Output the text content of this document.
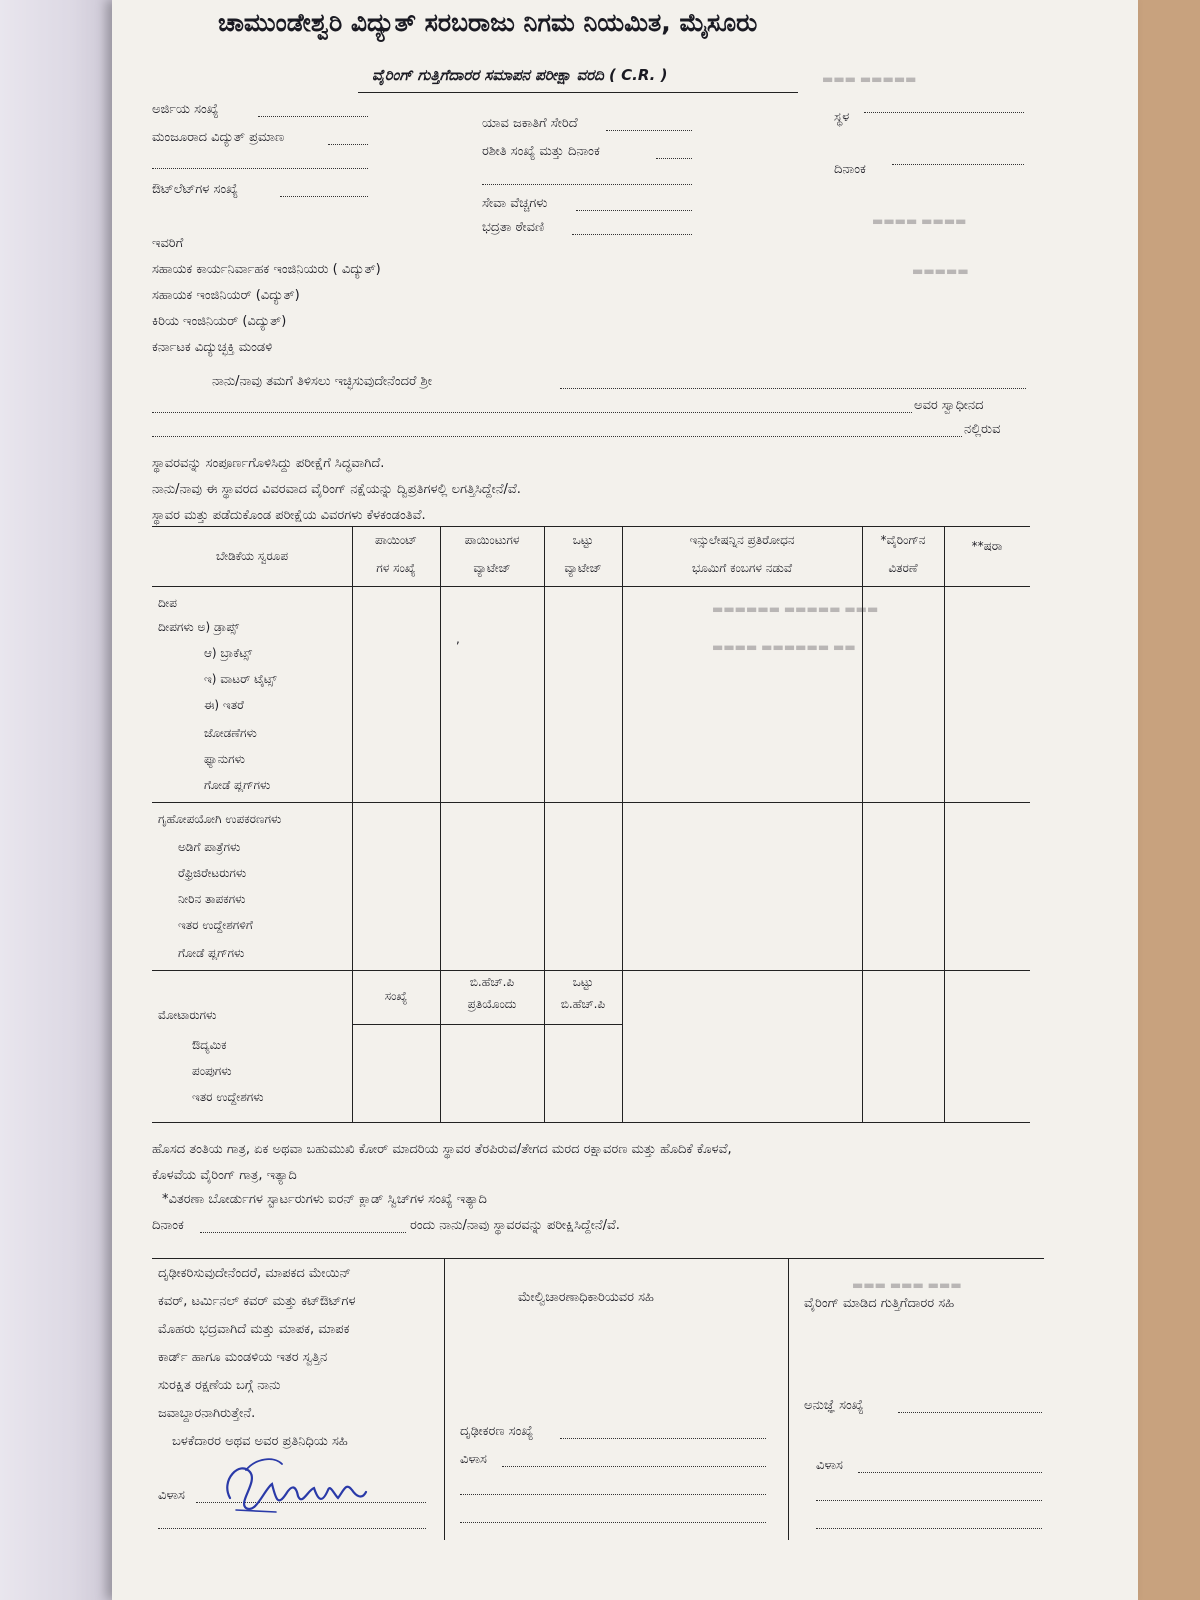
▬▬▬ ▬▬▬▬▬
▬▬▬▬ ▬▬▬▬
▬▬▬▬▬
▬▬▬▬▬▬ ▬▬▬▬▬ ▬▬▬
▬▬▬▬ ▬▬▬▬▬▬ ▬▬
▬▬▬ ▬▬▬ ▬▬▬
ಚಾಮುಂಡೇಶ್ವರಿ ವಿದ್ಯುತ್ ಸರಬರಾಜು ನಿಗಮ ನಿಯಮಿತ, ಮೈಸೂರು
ವೈರಿಂಗ್ ಗುತ್ತಿಗೆದಾರರ ಸಮಾಪನ ಪರೀಕ್ಷಾ ವರದಿ ( C.R. )
ಅರ್ಜಿಯ ಸಂಖ್ಯೆ
ಮಂಜೂರಾದ ವಿದ್ಯುತ್ ಪ್ರಮಾಣ
ಔಟ್‌ಲೆಟ್‌ಗಳ ಸಂಖ್ಯೆ
ಯಾವ ಜಕಾತಿಗೆ ಸೇರಿದೆ
ರಶೀತಿ ಸಂಖ್ಯೆ ಮತ್ತು ದಿನಾಂಕ
ಸೇವಾ ವೆಚ್ಚಗಳು
ಭದ್ರತಾ ಠೇವಣಿ
ಸ್ಥಳ
ದಿನಾಂಕ
ಇವರಿಗೆ
ಸಹಾಯಕ ಕಾರ್ಯನಿರ್ವಾಹಕ ಇಂಜಿನಿಯರು ( ವಿದ್ಯುತ್)
ಸಹಾಯಕ ಇಂಜಿನಿಯರ್ (ವಿದ್ಯುತ್)
ಕಿರಿಯ ಇಂಜಿನಿಯರ್ (ವಿದ್ಯುತ್)
ಕರ್ನಾಟಕ ವಿದ್ಯುಚ್ಛಕ್ತಿ ಮಂಡಳಿ
ನಾನು/ನಾವು ತಮಗೆ ತಿಳಿಸಲು ಇಚ್ಛಿಸುವುದೇನೆಂದರೆ ಶ್ರೀ
ಅವರ ಸ್ವಾಧೀನದ
ನಲ್ಲಿರುವ
ಸ್ಥಾವರವನ್ನು ಸಂಪೂರ್ಣಗೊಳಿಸಿದ್ದು ಪರೀಕ್ಷೆಗೆ ಸಿದ್ಧವಾಗಿದೆ.
ನಾನು/ನಾವು ಈ ಸ್ಥಾವರದ ವಿವರವಾದ ವೈರಿಂಗ್ ನಕ್ಷೆಯನ್ನು ದ್ವಿಪ್ರತಿಗಳಲ್ಲಿ ಲಗತ್ತಿಸಿದ್ದೇನೆ/ವೆ.
ಸ್ಥಾವರ ಮತ್ತು ಪಡೆದುಕೊಂಡ ಪರೀಕ್ಷೆಯ ವಿವರಗಳು ಕೆಳಕಂಡಂತಿವೆ.
ಬೇಡಿಕೆಯ ಸ್ವರೂಪ
ಪಾಯಿಂಟ್
ಗಳ ಸಂಖ್ಯೆ
ಪಾಯಿಂಟುಗಳ
ವ್ಯಾಟೇಜ್
ಒಟ್ಟು
ವ್ಯಾಟೇಜ್
ಇನ್ಸುಲೇಷನ್ನಿನ ಪ್ರತಿರೋಧನ
ಭೂಮಿಗೆ ಕಂಬಗಳ ನಡುವೆ
*ವೈರಿಂಗ್‌ನ
ವಿತರಣೆ
**ಷರಾ
ದೀಪ
ದೀಪಗಳು ಅ) ಡ್ರಾಪ್ಸ್
ಆ) ಬ್ರಾಕೆಟ್ಸ್
ಇ) ವಾಟರ್ ಟೈಟ್ಸ್
ಈ) ಇತರೆ
ಜೋಡಣೆಗಳು
ಫ್ಯಾನುಗಳು
ಗೋಡೆ ಪ್ಲಗ್‌ಗಳು
,
ಗೃಹೋಪಯೋಗಿ ಉಪಕರಣಗಳು
ಅಡಿಗೆ ಪಾತ್ರೆಗಳು
ರೆಫ್ರಿಜಿರೇಟರುಗಳು
ನೀರಿನ ತಾಪಕಗಳು
ಇತರ ಉದ್ದೇಶಗಳಿಗೆ
ಗೋಡೆ ಪ್ಲಗ್‌ಗಳು
ಸಂಖ್ಯೆ
ಬಿ.ಹೆಚ್.ಪಿ
ಪ್ರತಿಯೊಂದು
ಒಟ್ಟು
ಬಿ.ಹೆಚ್.ಪಿ
ಮೋಟಾರುಗಳು
ಔದ್ಯಮಿಕ
ಪಂಪುಗಳು
ಇತರ ಉದ್ದೇಶಗಳು
ಹೊಸದ ತಂತಿಯ ಗಾತ್ರ, ಏಕ ಅಥವಾ ಬಹುಮುಖಿ ಕೋರ್ ಮಾದರಿಯ ಸ್ಥಾವರ ತೆರಪಿರುವ/ತೇಗದ ಮರದ ರಕ್ಷಾವರಣ ಮತ್ತು ಹೊದಿಕೆ ಕೊಳವೆ,
ಕೊಳವೆಯ ವೈರಿಂಗ್ ಗಾತ್ರ, ಇತ್ಯಾದಿ
*ವಿತರಣಾ ಬೋರ್ಡುಗಳ ಸ್ಟಾರ್ಟರುಗಳು ಐರನ್ ಕ್ಲಾಡ್ ಸ್ವಿಚ್‌ಗಳ ಸಂಖ್ಯೆ ಇತ್ಯಾದಿ
ದಿನಾಂಕ	ರಂದು ನಾನು/ನಾವು ಸ್ಥಾವರವನ್ನು ಪರೀಕ್ಷಿಸಿದ್ದೇನೆ/ವೆ.
ದೃಢೀಕರಿಸುವುದೇನೆಂದರೆ, ಮಾಪಕದ ಮೇಯಿನ್
ಕವರ್, ಟರ್ಮಿನಲ್ ಕವರ್ ಮತ್ತು ಕಟ್‌ಔಟ್‌ಗಳ
ಮೊಹರು ಭದ್ರವಾಗಿದೆ ಮತ್ತು ಮಾಪಕ, ಮಾಪಕ
ಕಾರ್ಡ್ ಹಾಗೂ ಮಂಡಳಿಯ ಇತರ ಸ್ವತ್ತಿನ
ಸುರಕ್ಷಿತ ರಕ್ಷಣೆಯ ಬಗ್ಗೆ ನಾನು
ಜವಾಬ್ದಾರನಾಗಿರುತ್ತೇನೆ.
ಬಳಕೆದಾರರ ಅಥವ ಅವರ ಪ್ರತಿನಿಧಿಯ ಸಹಿ
ವಿಳಾಸ
ಮೇಲ್ವಿಚಾರಣಾಧಿಕಾರಿಯವರ ಸಹಿ
ದೃಢೀಕರಣ ಸಂಖ್ಯೆ
ವಿಳಾಸ
ವೈರಿಂಗ್ ಮಾಡಿದ ಗುತ್ತಿಗೆದಾರರ ಸಹಿ
ಅನುಜ್ಞೆ ಸಂಖ್ಯೆ
ವಿಳಾಸ
